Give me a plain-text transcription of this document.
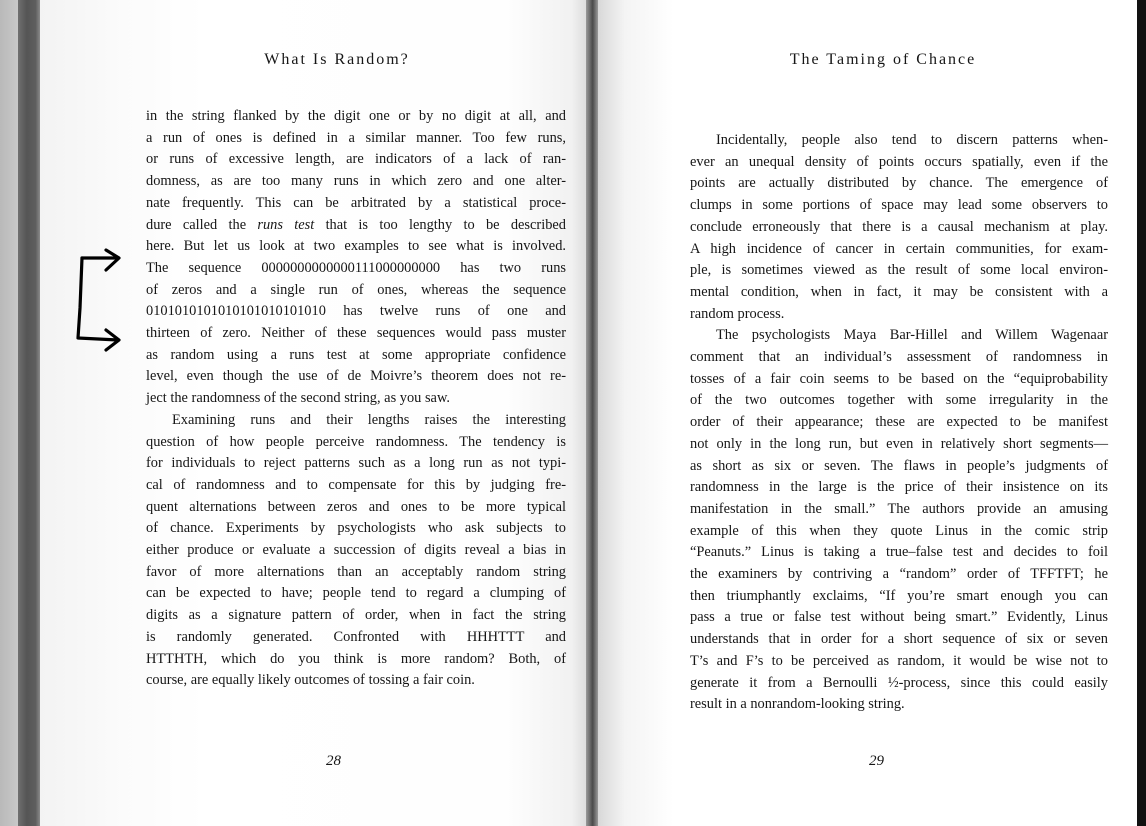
What Is Random?

in the string flanked by the digit one or by no digit at all, and
a run of ones is defined in a similar manner. Too few runs,
or runs of excessive length, are indicators of a lack of ran-
domness, as are too many runs in which zero and one alter-
nate frequently. This can be arbitrated by a statistical proce-
dure called the runs test that is too lengthy to be described
here. But let us look at two examples to see what is involved.
The sequence 0000000000000111000000000 has two runs
of zeros and a single run of ones, whereas the sequence
0101010101010101010101010 has twelve runs of one and
thirteen of zero. Neither of these sequences would pass muster
as random using a runs test at some appropriate confidence
level, even though the use of de Moivre’s theorem does not re-
ject the randomness of the second string, as you saw.

Examining runs and their lengths raises the interesting
question of how people perceive randomness. The tendency is
for individuals to reject patterns such as a long run as not typi-
cal of randomness and to compensate for this by judging fre-
quent alternations between zeros and ones to be more typical
of chance. Experiments by psychologists who ask subjects to
either produce or evaluate a succession of digits reveal a bias in
favor of more alternations than an acceptably random string
can be expected to have; people tend to regard a clumping of
digits as a signature pattern of order, when in fact the string
is randomly generated. Confronted with HHHTTT and
HTTHTH, which do you think is more random? Both, of
course, are equally likely outcomes of tossing a fair coin.

28
The Taming of Chance

Incidentally, people also tend to discern patterns when-
ever an unequal density of points occurs spatially, even if the
points are actually distributed by chance. The emergence of
clumps in some portions of space may lead some observers to
conclude erroneously that there is a causal mechanism at play.
A high incidence of cancer in certain communities, for exam-
ple, is sometimes viewed as the result of some local environ-
mental condition, when in fact, it may be consistent with a
random process.

The psychologists Maya Bar-Hillel and Willem Wagenaar
comment that an individual’s assessment of randomness in
tosses of a fair coin seems to be based on the “equiprobability
of the two outcomes together with some irregularity in the
order of their appearance; these are expected to be manifest
not only in the long run, but even in relatively short segments—
as short as six or seven. The flaws in people’s judgments of
randomness in the large is the price of their insistence on its
manifestation in the small.” The authors provide an amusing
example of this when they quote Linus in the comic strip
“Peanuts.” Linus is taking a true–false test and decides to foil
the examiners by contriving a “random” order of TFFTFT; he
then triumphantly exclaims, “If you’re smart enough you can
pass a true or false test without being smart.” Evidently, Linus
understands that in order for a short sequence of six or seven
T’s and F’s to be perceived as random, it would be wise not to
generate it from a Bernoulli ½-process, since this could easily
result in a nonrandom-looking string.

29
